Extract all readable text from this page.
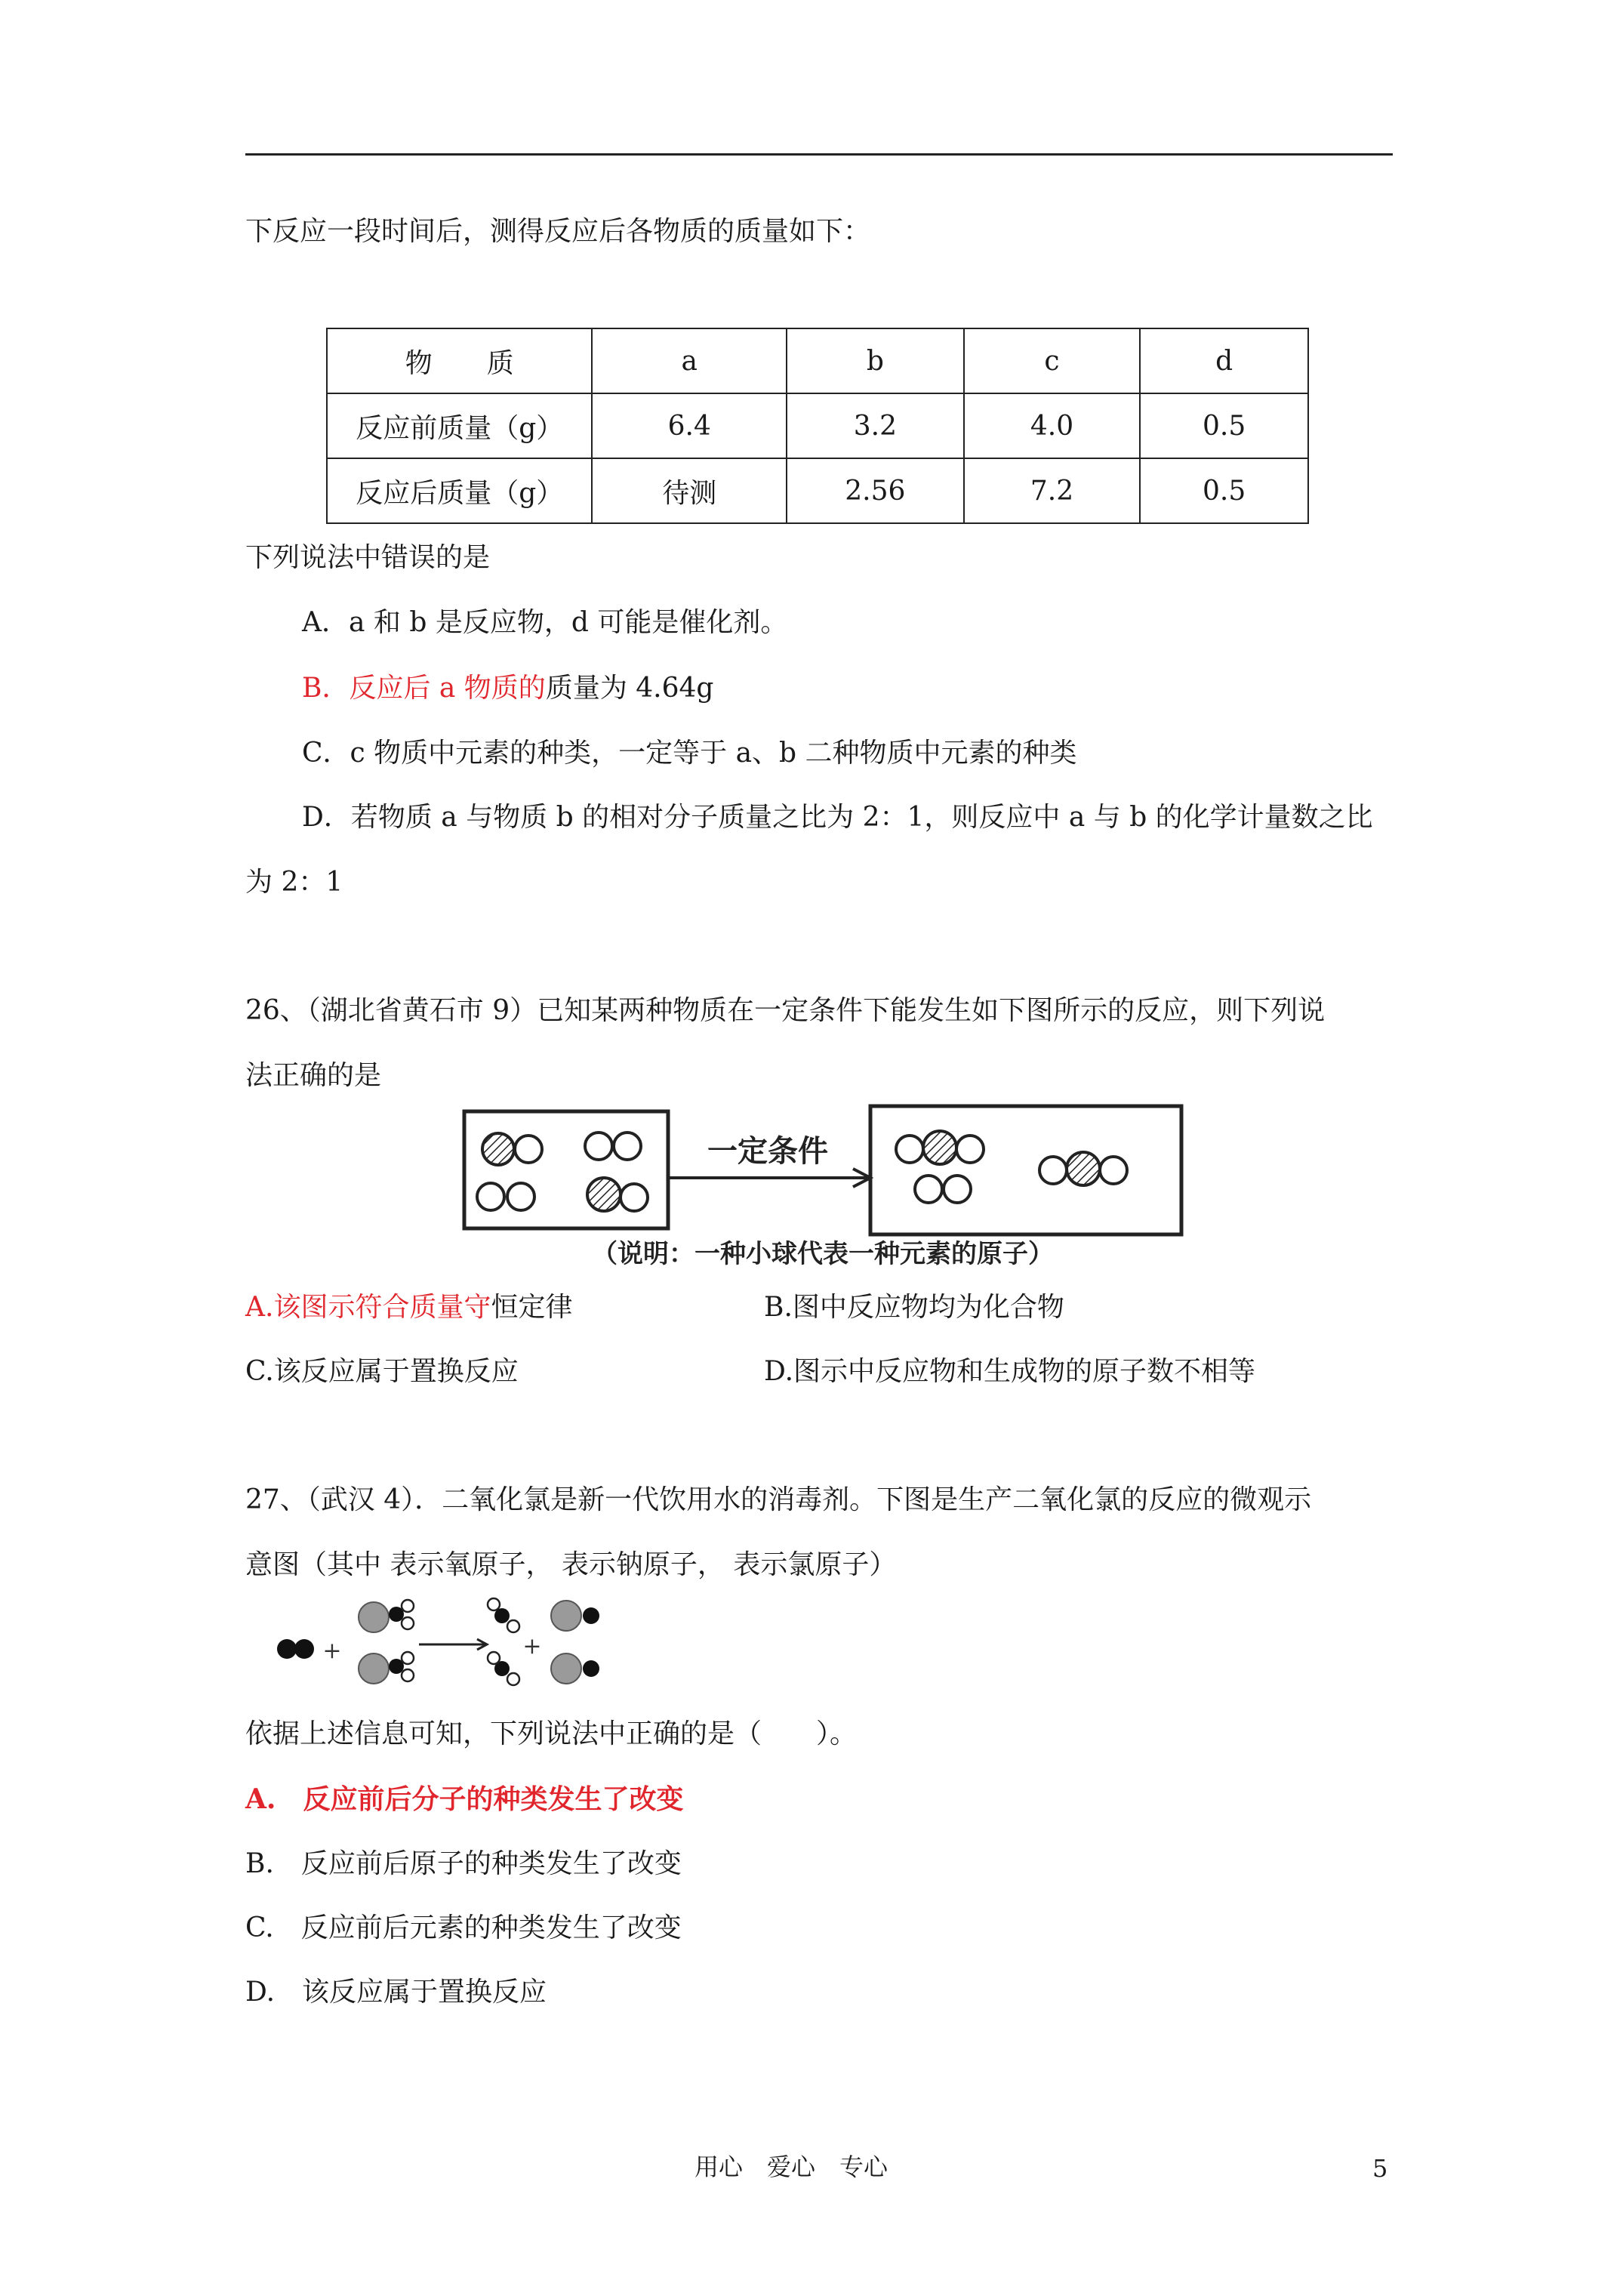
下反应一段时间后，测得反应后各物质的质量如下：
物　　质	a	b	c	d
反应前质量（g）	6.4	3.2	4.0	0.5
反应后质量（g）	待测	2.56	7.2	0.5
下列说法中错误的是
A．a 和 b 是反应物，d 可能是催化剂。
B．反应后 a 物质的质量为 4.64g
C．c 物质中元素的种类，一定等于 a、b 二种物质中元素的种类
D．若物质 a 与物质 b 的相对分子质量之比为 2：1，则反应中 a 与 b 的化学计量数之比
为 2：1
26、（湖北省黄石市 9）已知某两种物质在一定条件下能发生如下图所示的反应，则下列说
法正确的是
一定条件
（说明：一种小球代表一种元素的原子）
A.该图示符合质量守恒定律	B.图中反应物均为化合物
C.该反应属于置换反应	D.图示中反应物和生成物的原子数不相等
27、（武汉 4）．二氧化氯是新一代饮用水的消毒剂。下图是生产二氧化氯的反应的微观示
意图（其中 表示氧原子， 表示钠原子， 表示氯原子）
+	+
依据上述信息可知，下列说法中正确的是（　　）。
A.　反应前后分子的种类发生了改变
B.　反应前后原子的种类发生了改变
C.　反应前后元素的种类发生了改变
D.　该反应属于置换反应
用心　爱心　专心	5
